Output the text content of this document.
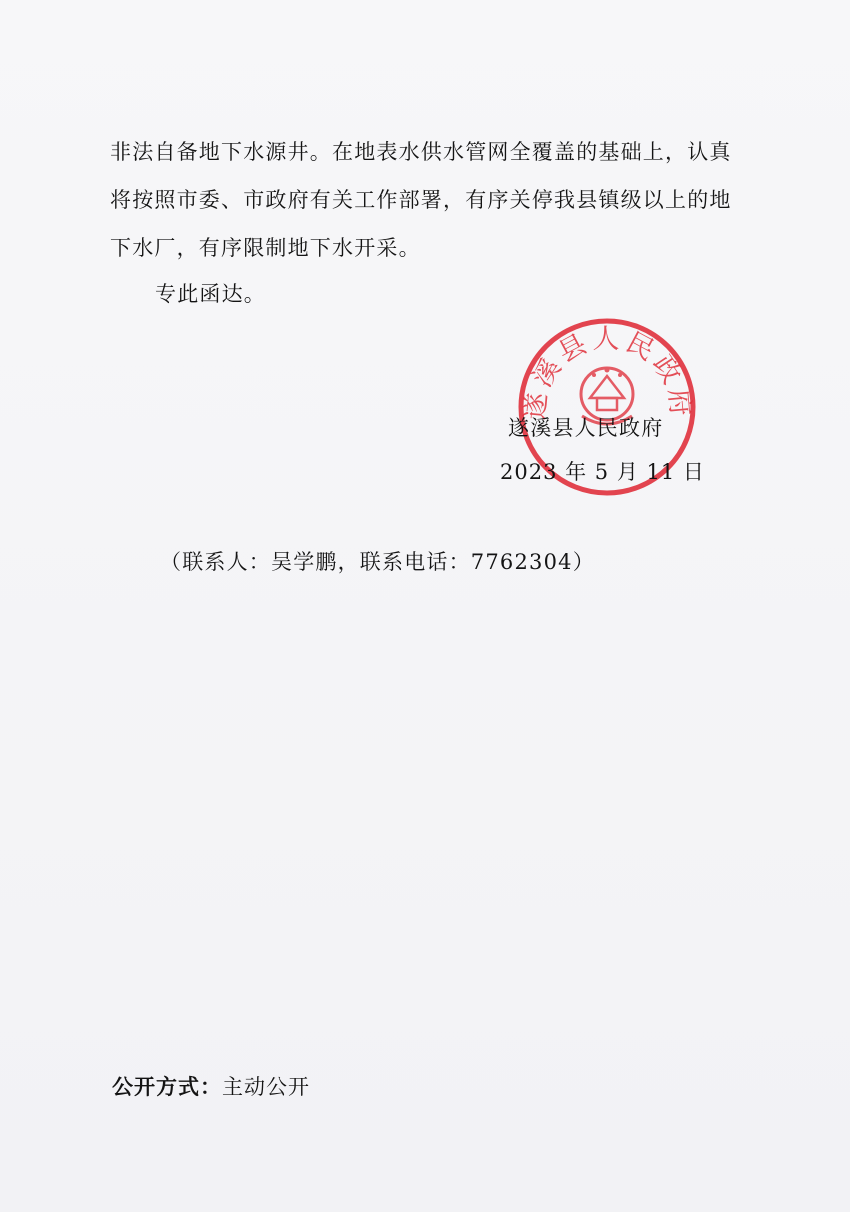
非法自备地下水源井。在地表水供水管网全覆盖的基础上，认真
将按照市委、市政府有关工作部署，有序关停我县镇级以上的地
下水厂，有序限制地下水开采。
专此函达。
遂溪县人民政府
遂溪县人民政府
2023 年 5 月 11 日
（联系人：吴学鹏，联系电话：7762304）
公开方式：主动公开
